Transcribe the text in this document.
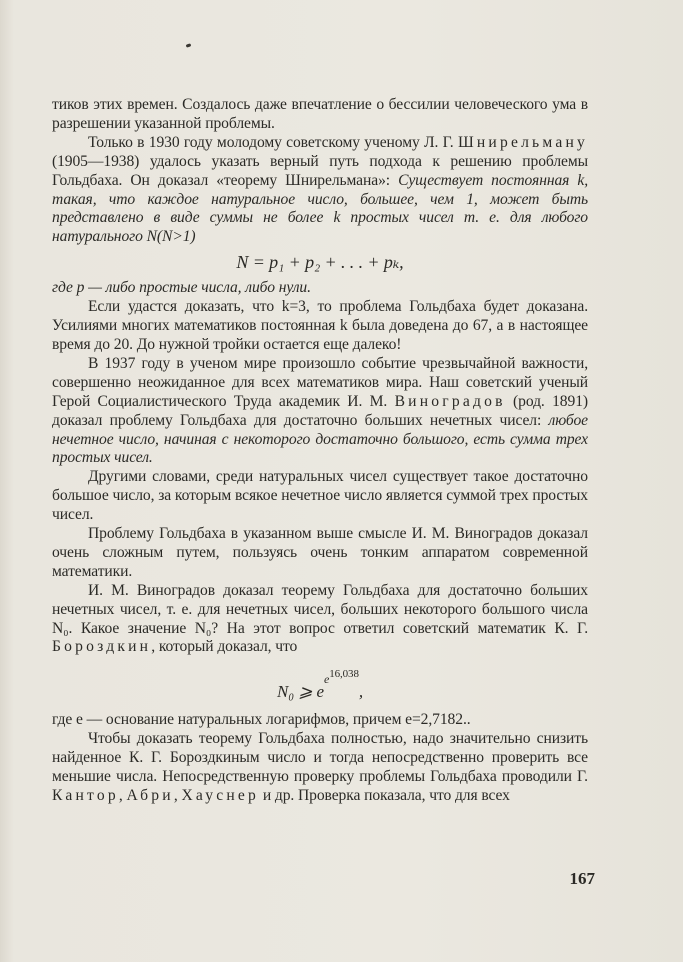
тиков этих времен. Создалось даже впечатление о бессилии человеческого ума в разрешении указанной проблемы.

Только в 1930 году молодому советскому ученому Л. Г. Шнирельману (1905—1938) удалось указать верный путь подхода к решению проблемы Гольдбаха. Он доказал «теорему Шнирельмана»: Существует постоянная k, такая, что каждое натуральное число, большее, чем 1, может быть представлено в виде суммы не более k простых чисел т. е. для любого натурального N(N>1)

N = p₁ + p₂ + . . . + pₖ,

где p — либо простые числа, либо нули.

Если удастся доказать, что k=3, то проблема Гольдбаха будет доказана. Усилиями многих математиков постоянная k была доведена до 67, а в настоящее время до 20. До нужной тройки остается еще далеко!

В 1937 году в ученом мире произошло событие чрезвычайной важности, совершенно неожиданное для всех математиков мира. Наш советский ученый Герой Социалистического Труда академик И. М. Виноградов (род. 1891) доказал проблему Гольдбаха для достаточно больших нечетных чисел: любое нечетное число, начиная с некоторого достаточно большого, есть сумма трех простых чисел.

Другими словами, среди натуральных чисел существует такое достаточно большое число, за которым всякое нечетное число является суммой трех простых чисел.

Проблему Гольдбаха в указанном выше смысле И. М. Виноградов доказал очень сложным путем, пользуясь очень тонким аппаратом современной математики.

И. М. Виноградов доказал теорему Гольдбаха для достаточно больших нечетных чисел, т. е. для нечетных чисел, больших некоторого большого числа N₀. Какое значение N₀? На этот вопрос ответил советский математик К. Г. Бороздкин, который доказал, что

N₀ ⩾ $e^{e^{16,038}}$,

где e — основание натуральных логарифмов, причем e=2,7182..

Чтобы доказать теорему Гольдбаха полностью, надо значительно снизить найденное К. Г. Бороздкиным число и тогда непосредственно проверить все меньшие числа. Непосредственную проверку проблемы Гольдбаха проводили Г. Кантор, Абри, Хауснер и др. Проверка показала, что для всех

167
